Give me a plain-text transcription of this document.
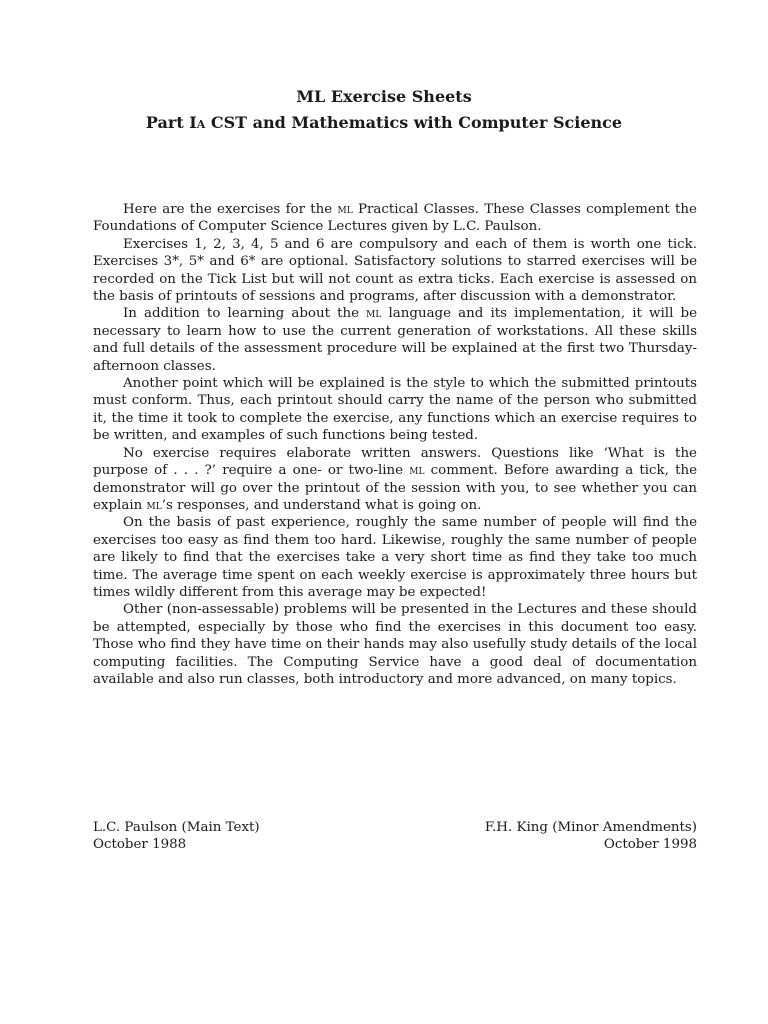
ML Exercise Sheets
Part Ia CST and Mathematics with Computer Science

Here are the exercises for the ml Practical Classes. These Classes complement the Foundations of Computer Science Lectures given by L.C. Paulson.

Exercises 1, 2, 3, 4, 5 and 6 are compulsory and each of them is worth one tick. Exercises 3*, 5* and 6* are optional. Satisfactory solutions to starred exercises will be recorded on the Tick List but will not count as extra ticks. Each exercise is assessed on the basis of printouts of sessions and programs, after discussion with a demonstrator.

In addition to learning about the ml language and its implementation, it will be necessary to learn how to use the current generation of workstations. All these skills and full details of the assessment procedure will be explained at the first two Thursday-afternoon classes.

Another point which will be explained is the style to which the submitted printouts must conform. Thus, each printout should carry the name of the person who submitted it, the time it took to complete the exercise, any functions which an exercise requires to be written, and examples of such functions being tested.

No exercise requires elaborate written answers. Questions like ‘What is the purpose of . . . ?’ require a one- or two-line ml comment. Before awarding a tick, the demonstrator will go over the printout of the session with you, to see whether you can explain ml’s responses, and understand what is going on.

On the basis of past experience, roughly the same number of people will find the exercises too easy as find them too hard. Likewise, roughly the same number of people are likely to find that the exercises take a very short time as find they take too much time. The average time spent on each weekly exercise is approximately three hours but times wildly different from this average may be expected!

Other (non-assessable) problems will be presented in the Lectures and these should be attempted, especially by those who find the exercises in this document too easy. Those who find they have time on their hands may also usefully study details of the local computing facilities. The Computing Service have a good deal of documentation available and also run classes, both introductory and more advanced, on many topics.

L.C. Paulson (Main Text)
October 1988
F.H. King (Minor Amendments)
October 1998
